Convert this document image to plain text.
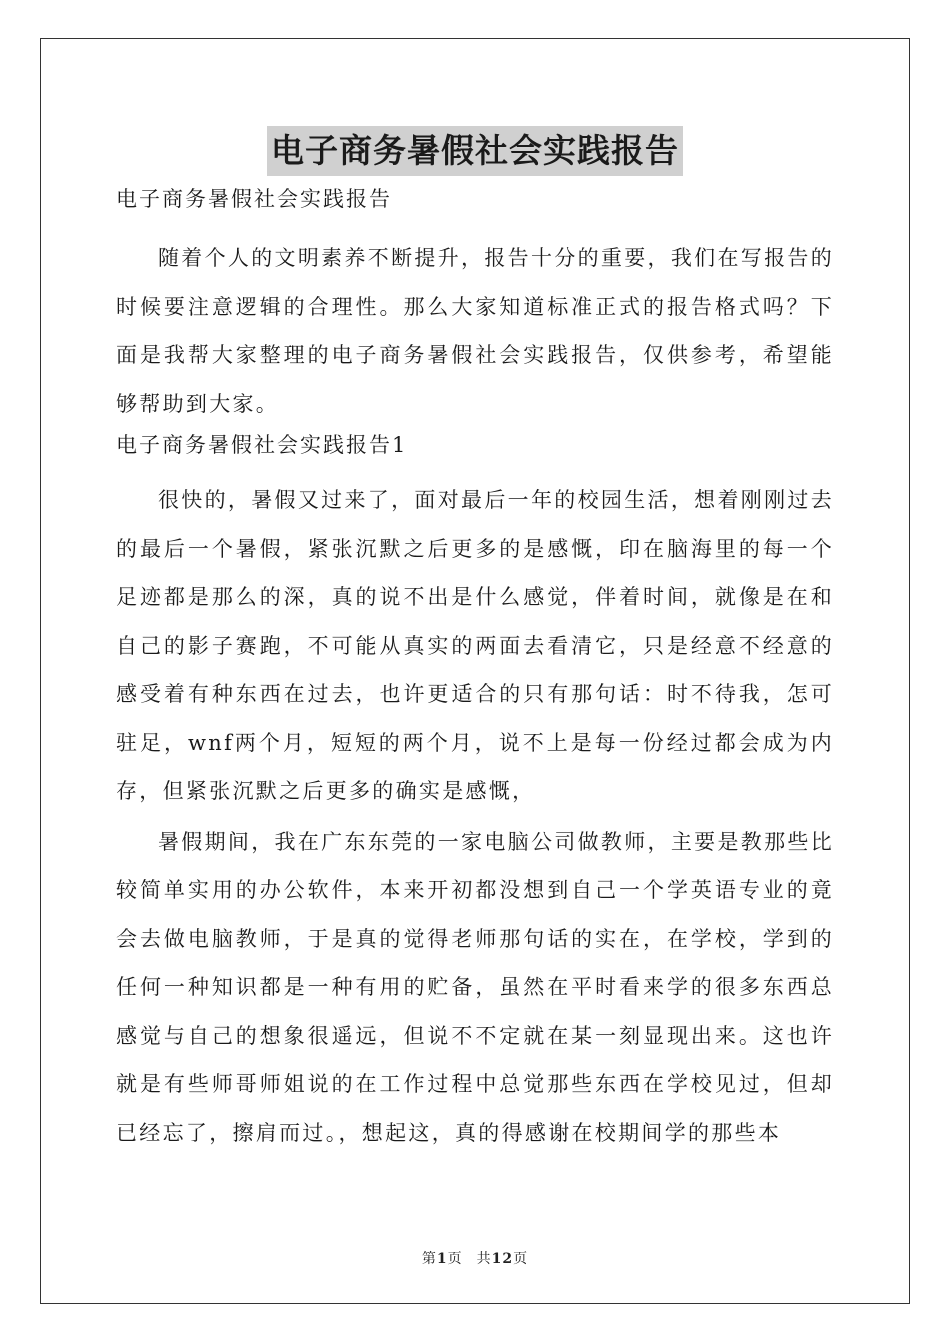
电子商务暑假社会实践报告
电子商务暑假社会实践报告

随着个人的文明素养不断提升，报告十分的重要，我们在写报告的时候要注意逻辑的合理性。那么大家知道标准正式的报告格式吗？下面是我帮大家整理的电子商务暑假社会实践报告，仅供参考，希望能够帮助到大家。

电子商务暑假社会实践报告1

很快的，暑假又过来了，面对最后一年的校园生活，想着刚刚过去的最后一个暑假，紧张沉默之后更多的是感慨，印在脑海里的每一个足迹都是那么的深，真的说不出是什么感觉，伴着时间，就像是在和自己的影子赛跑，不可能从真实的两面去看清它，只是经意不经意的感受着有种东西在过去，也许更适合的只有那句话：时不待我，怎可驻足，wnf两个月，短短的两个月，说不上是每一份经过都会成为内存，但紧张沉默之后更多的确实是感慨，

暑假期间，我在广东东莞的一家电脑公司做教师，主要是教那些比较简单实用的办公软件，本来开初都没想到自己一个学英语专业的竟会去做电脑教师，于是真的觉得老师那句话的实在，在学校，学到的任何一种知识都是一种有用的贮备，虽然在平时看来学的很多东西总感觉与自己的想象很遥远，但说不不定就在某一刻显现出来。这也许就是有些师哥师姐说的在工作过程中总觉那些东西在学校见过，但却已经忘了，擦肩而过。，想起这，真的得感谢在校期间学的那些本

第1页 共12页
